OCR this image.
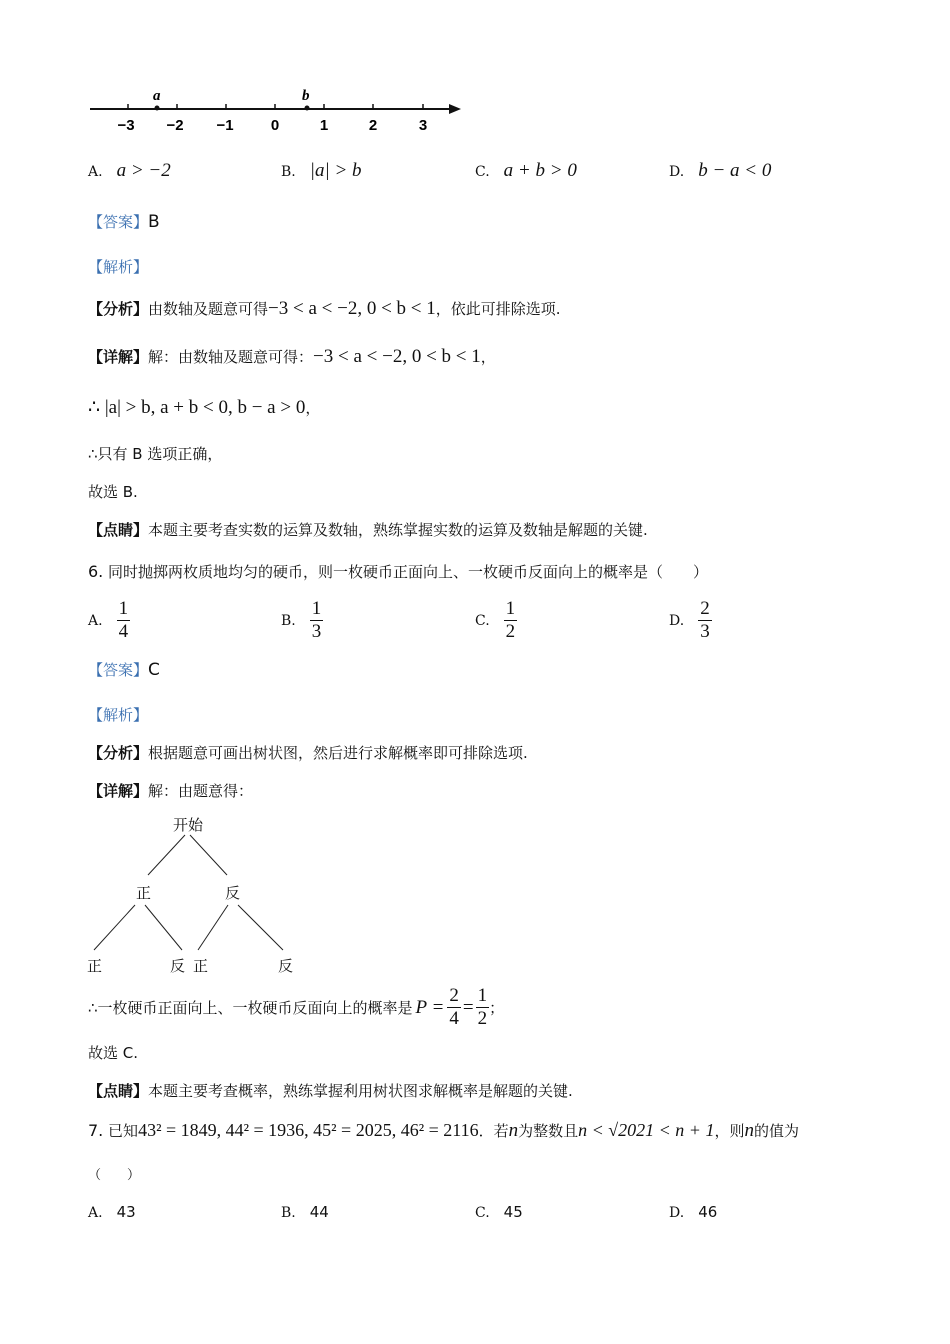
a	b
−3 −2 −1 0	1	2	3
A. a > −2	B. |a| > b	C. a + b > 0	D. b − a < 0
【答案】B
【解析】
【分析】由数轴及题意可得−3 < a < −2, 0 < b < 1，依此可排除选项.
【详解】解：由数轴及题意可得：−3 < a < −2, 0 < b < 1，
∴ |a| > b, a + b < 0, b − a > 0，
∴只有 B 选项正确，
故选 B.
【点睛】本题主要考查实数的运算及数轴，熟练掌握实数的运算及数轴是解题的关键.
6. 同时抛掷两枚质地均匀的硬币，则一枚硬币正面向上、一枚硬币反面向上的概率是（　　）
A. $\frac{1}{4}$	B. $\frac{1}{3}$	C. $\frac{1}{2}$	D. $\frac{2}{3}$
【答案】C
【解析】
【分析】根据题意可画出树状图，然后进行求解概率即可排除选项.
【详解】解：由题意得：
开始
正	反
正	反 正	反
∴一枚硬币正面向上、一枚硬币反面向上的概率是 $P = \frac{2}{4} = \frac{1}{2}$ ；
故选 C.
【点睛】本题主要考查概率，熟练掌握利用树状图求解概率是解题的关键.
7. 已知43² = 1849, 44² = 1936, 45² = 2025, 46² = 2116．若n为整数且n < √2021 < n + 1，则n的值为
（　　）
A. 43	B. 44	C. 45	D. 46
